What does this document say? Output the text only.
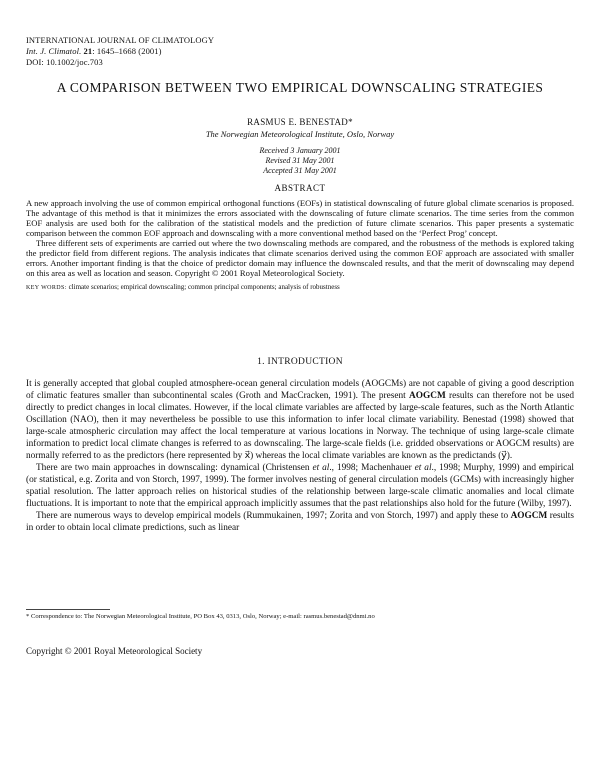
INTERNATIONAL JOURNAL OF CLIMATOLOGY
Int. J. Climatol. 21: 1645–1668 (2001)
DOI: 10.1002/joc.703
A COMPARISON BETWEEN TWO EMPIRICAL DOWNSCALING STRATEGIES
RASMUS E. BENESTAD*
The Norwegian Meteorological Institute, Oslo, Norway
Received 3 January 2001
Revised 31 May 2001
Accepted 31 May 2001
ABSTRACT

A new approach involving the use of common empirical orthogonal functions (EOFs) in statistical downscaling of future global climate scenarios is proposed. The advantage of this method is that it minimizes the errors associated with the downscaling of future climate scenarios. The time series from the common EOF analysis are used both for the calibration of the statistical models and the prediction of future climate scenarios. This paper presents a systematic comparison between the common EOF approach and downscaling with a more conventional method based on the ‘Perfect Prog’ concept.

Three different sets of experiments are carried out where the two downscaling methods are compared, and the robustness of the methods is explored taking the predictor field from different regions. The analysis indicates that climate scenarios derived using the common EOF approach are associated with smaller errors. Another important finding is that the choice of predictor domain may influence the downscaled results, and that the merit of downscaling may depend on this area as well as location and season. Copyright © 2001 Royal Meteorological Society.

KEY WORDS: climate scenarios; empirical downscaling; common principal components; analysis of robustness
1. INTRODUCTION

It is generally accepted that global coupled atmosphere-ocean general circulation models (AOGCMs) are not capable of giving a good description of climatic features smaller than subcontinental scales (Groth and MacCracken, 1991). The present AOGCM results can therefore not be used directly to predict changes in local climates. However, if the local climate variables are affected by large-scale features, such as the North Atlantic Oscillation (NAO), then it may nevertheless be possible to use this information to infer local climate variability. Benestad (1998) showed that large-scale atmospheric circulation may affect the local temperature at various locations in Norway. The technique of using large-scale climate information to predict local climate changes is referred to as downscaling. The large-scale fields (i.e. gridded observations or AOGCM results) are normally referred to as the predictors (here represented by x⃗) whereas the local climate variables are known as the predictands (y⃗).

There are two main approaches in downscaling: dynamical (Christensen et al., 1998; Machenhauer et al., 1998; Murphy, 1999) and empirical (or statistical, e.g. Zorita and von Storch, 1997, 1999). The former involves nesting of general circulation models (GCMs) with increasingly higher spatial resolution. The latter approach relies on historical studies of the relationship between large-scale climatic anomalies and local climate fluctuations. It is important to note that the empirical approach implicitly assumes that the past relationships also hold for the future (Wilby, 1997).

There are numerous ways to develop empirical models (Rummukainen, 1997; Zorita and von Storch, 1997) and apply these to AOGCM results in order to obtain local climate predictions, such as linear

* Correspondence to: The Norwegian Meteorological Institute, PO Box 43, 0313, Oslo, Norway; e-mail: rasmus.benestad@dnmi.no
Copyright © 2001 Royal Meteorological Society
